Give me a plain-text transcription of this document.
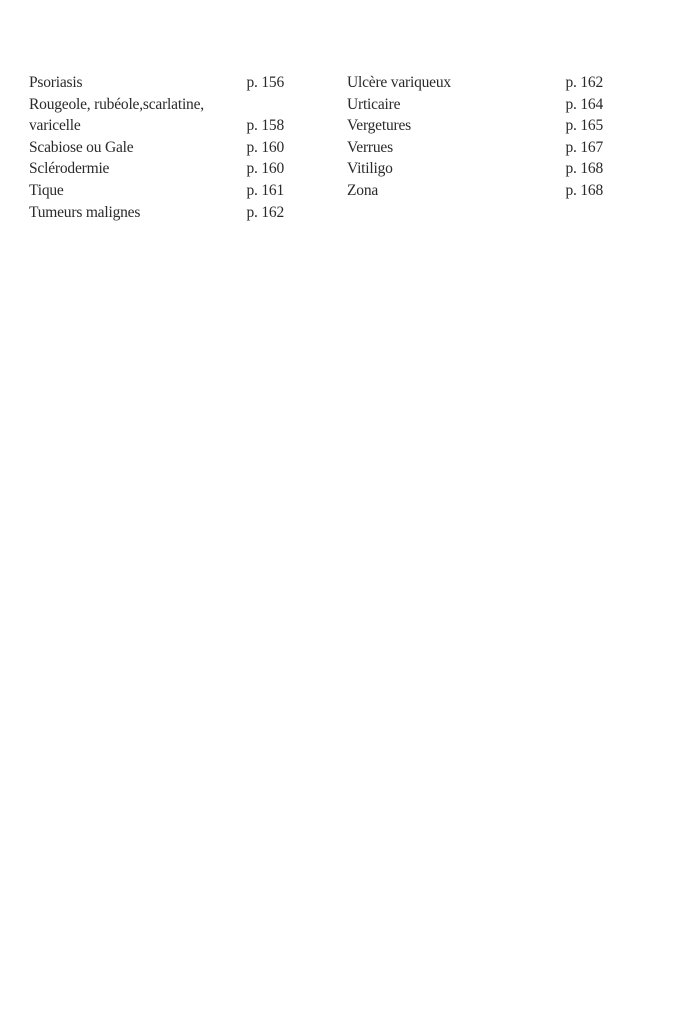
Psoriasis	p. 156
Rougeole, rubéole,scarlatine,
varicelle	p. 158
Scabiose ou Gale	p. 160
Sclérodermie	p. 160
Tique	p. 161
Tumeurs malignes	p. 162
Ulcère variqueux	p. 162
Urticaire	p. 164
Vergetures	p. 165
Verrues	p. 167
Vitiligo	p. 168
Zona	p. 168
